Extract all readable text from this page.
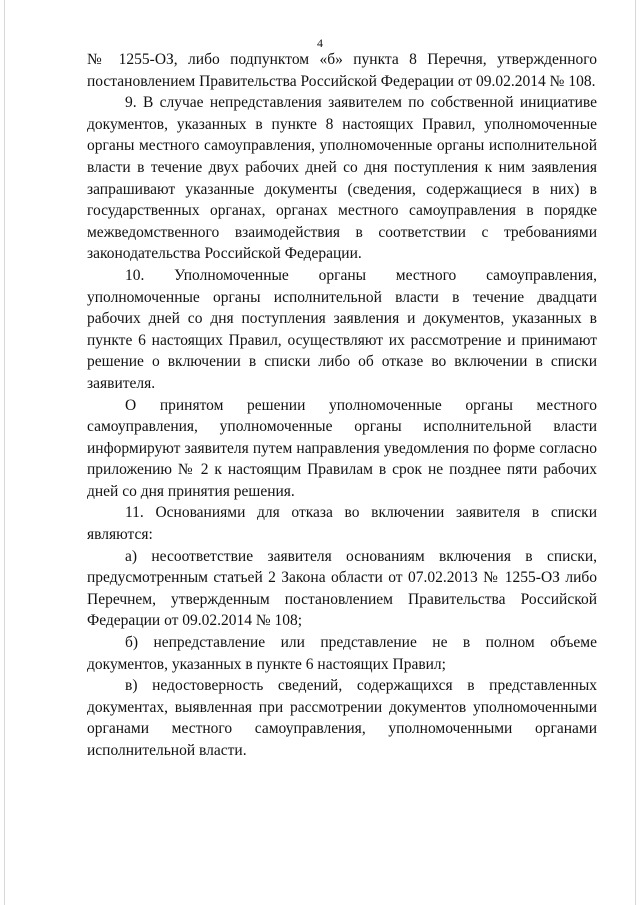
4

№ 1255-ОЗ, либо подпунктом «б» пункта 8 Перечня, утвержденного постановлением Правительства Российской Федерации от 09.02.2014 № 108.

9. В случае непредставления заявителем по собственной инициативе документов, указанных в пункте 8 настоящих Правил, уполномоченные органы местного самоуправления, уполномоченные органы исполнительной власти в течение двух рабочих дней со дня поступления к ним заявления запрашивают указанные документы (сведения, содержащиеся в них) в государственных органах, органах местного самоуправления в порядке межведомственного взаимодействия в соответствии с требованиями законодательства Российской Федерации.

10. Уполномоченные органы местного самоуправления, уполномоченные органы исполнительной власти в течение двадцати рабочих дней со дня поступления заявления и документов, указанных в пункте 6 настоящих Правил, осуществляют их рассмотрение и принимают решение о включении в списки либо об отказе во включении в списки заявителя.

О принятом решении уполномоченные органы местного самоуправления, уполномоченные органы исполнительной власти информируют заявителя путем направления уведомления по форме согласно приложению № 2 к настоящим Правилам в срок не позднее пяти рабочих дней со дня принятия решения.

11. Основаниями для отказа во включении заявителя в списки являются:

а) несоответствие заявителя основаниям включения в списки, предусмотренным статьей 2 Закона области от 07.02.2013 № 1255-ОЗ либо Перечнем, утвержденным постановлением Правительства Российской Федерации от 09.02.2014 № 108;

б) непредставление или представление не в полном объеме документов, указанных в пункте 6 настоящих Правил;

в) недостоверность сведений, содержащихся в представленных документах, выявленная при рассмотрении документов уполномоченными органами местного самоуправления, уполномоченными органами исполнительной власти.
